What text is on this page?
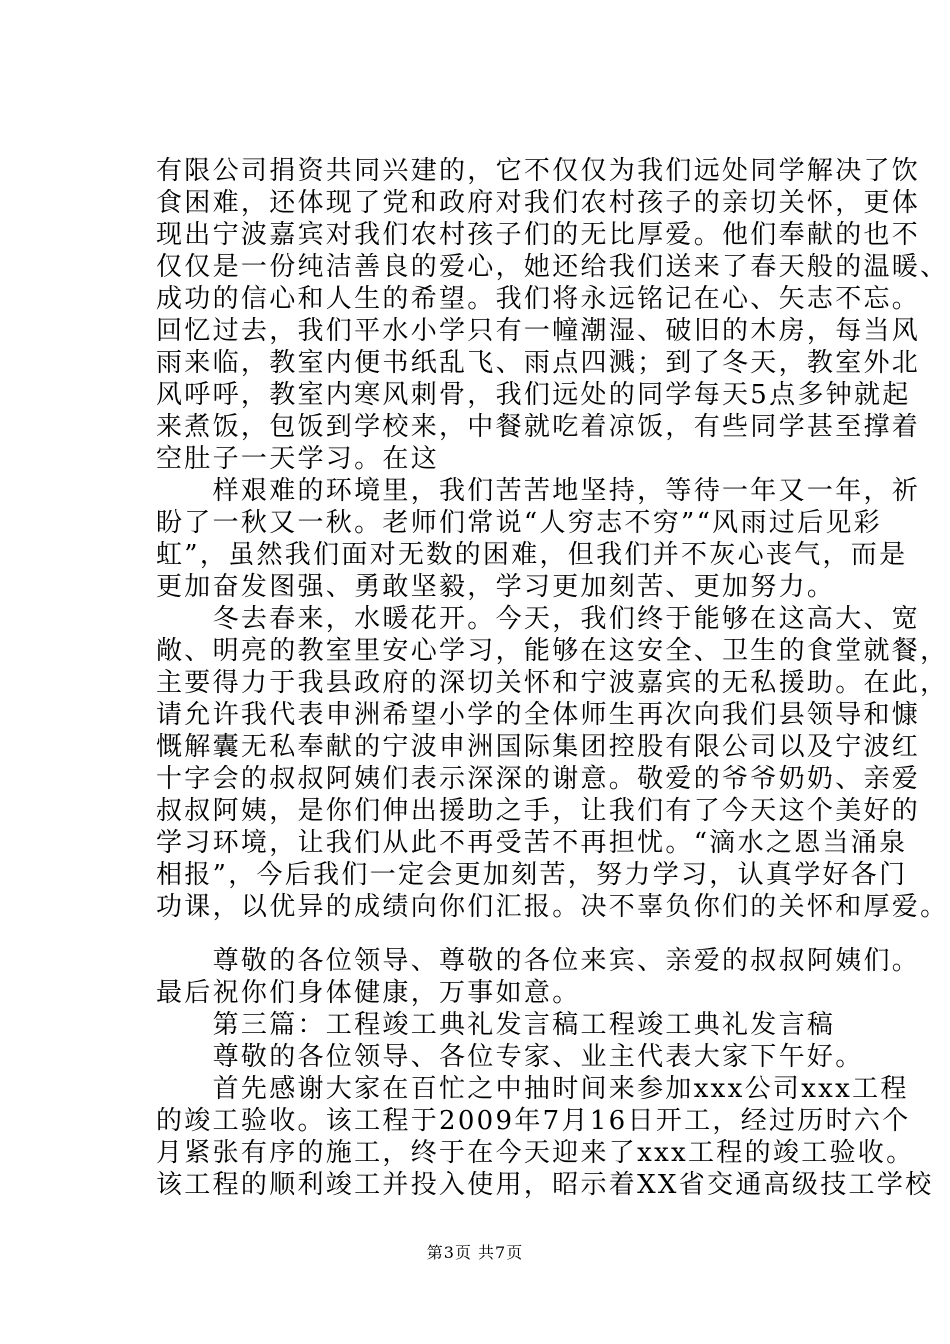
有限公司捐资共同兴建的，它不仅仅为我们远处同学解决了饮
食困难，还体现了党和政府对我们农村孩子的亲切关怀，更体
现出宁波嘉宾对我们农村孩子们的无比厚爱。他们奉献的也不
仅仅是一份纯洁善良的爱心，她还给我们送来了春天般的温暖、
成功的信心和人生的希望。我们将永远铭记在心、矢志不忘。
回忆过去，我们平水小学只有一幢潮湿、破旧的木房，每当风
雨来临，教室内便书纸乱飞、雨点四溅；到了冬天，教室外北
风呼呼，教室内寒风刺骨，我们远处的同学每天5点多钟就起
来煮饭，包饭到学校来，中餐就吃着凉饭，有些同学甚至撑着
空肚子一天学习。在这
　　样艰难的环境里，我们苦苦地坚持，等待一年又一年，祈
盼了一秋又一秋。老师们常说“人穷志不穷”“风雨过后见彩
虹”，虽然我们面对无数的困难，但我们并不灰心丧气，而是
更加奋发图强、勇敢坚毅，学习更加刻苦、更加努力。
　　冬去春来，水暖花开。今天，我们终于能够在这高大、宽
敞、明亮的教室里安心学习，能够在这安全、卫生的食堂就餐，
主要得力于我县政府的深切关怀和宁波嘉宾的无私援助。在此，
请允许我代表申洲希望小学的全体师生再次向我们县领导和慷
慨解囊无私奉献的宁波申洲国际集团控股有限公司以及宁波红
十字会的叔叔阿姨们表示深深的谢意。敬爱的爷爷奶奶、亲爱
叔叔阿姨，是你们伸出援助之手，让我们有了今天这个美好的
学习环境，让我们从此不再受苦不再担忧。“滴水之恩当涌泉
相报”，今后我们一定会更加刻苦，努力学习，认真学好各门
功课，以优异的成绩向你们汇报。决不辜负你们的关怀和厚爱。
　　尊敬的各位领导、尊敬的各位来宾、亲爱的叔叔阿姨们。
最后祝你们身体健康，万事如意。
　　第三篇：工程竣工典礼发言稿工程竣工典礼发言稿
　　尊敬的各位领导、各位专家、业主代表大家下午好。
　　首先感谢大家在百忙之中抽时间来参加xxx公司xxx工程
的竣工验收。该工程于2009年7月16日开工，经过历时六个
月紧张有序的施工，终于在今天迎来了xxx工程的竣工验收。
该工程的顺利竣工并投入使用，昭示着XX省交通高级技工学校
第3页 共7页
